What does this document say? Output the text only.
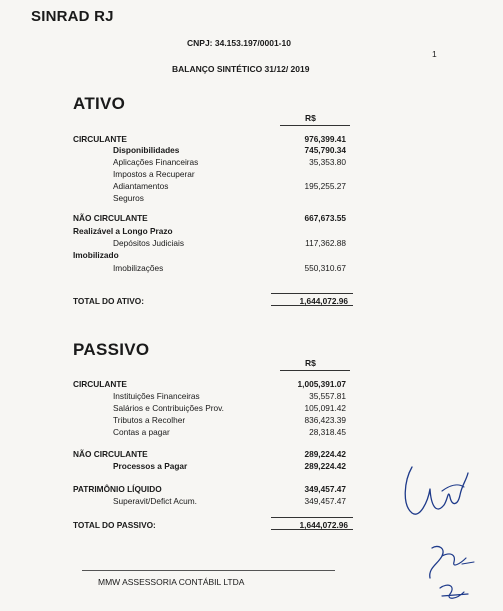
SINRAD RJ
CNPJ: 34.153.197/0001-10
1
BALANÇO SINTÉTICO 31/12/ 2019
ATIVO
R$
CIRCULANTE	976,399.41
Disponibilidades	745,790.34
Aplicações Financeiras	35,353.80
Impostos a Recuperar
Adiantamentos	195,255.27
Seguros
NÃO CIRCULANTE	667,673.55
Realizável a Longo Prazo
Depósitos Judiciais	117,362.88
Imobilizado
Imobilizações	550,310.67
TOTAL DO ATIVO:	1,644,072.96
PASSIVO
R$
CIRCULANTE	1,005,391.07
Instituições Financeiras	35,557.81
Salários e Contribuições Prov.	105,091.42
Tributos a Recolher	836,423.39
Contas a pagar	28,318.45
NÃO CIRCULANTE	289,224.42
Processos a Pagar	289,224.42
PATRIMÔNIO LÍQUIDO	349,457.47
Superavit/Defict Acum.	349,457.47
TOTAL DO PASSIVO:	1,644,072.96
MMW ASSESSORIA CONTÁBIL LTDA
